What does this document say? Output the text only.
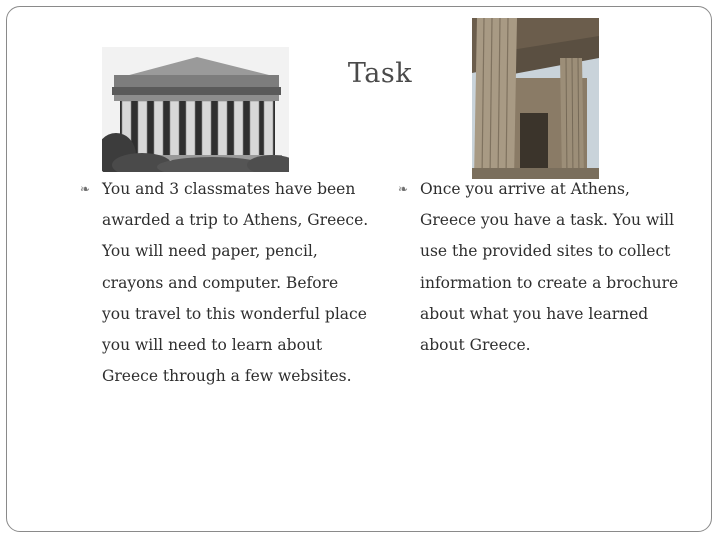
Task
❧ You and 3 classmates have been
awarded a trip to Athens, Greece.
You will need paper, pencil,
crayons and computer. Before
you travel to this wonderful place
you will need to learn about
Greece through a few websites.
❧ Once you arrive at Athens,
Greece you have a task. You will
use the provided sites to collect
information to create a brochure
about what you have learned
about Greece.
